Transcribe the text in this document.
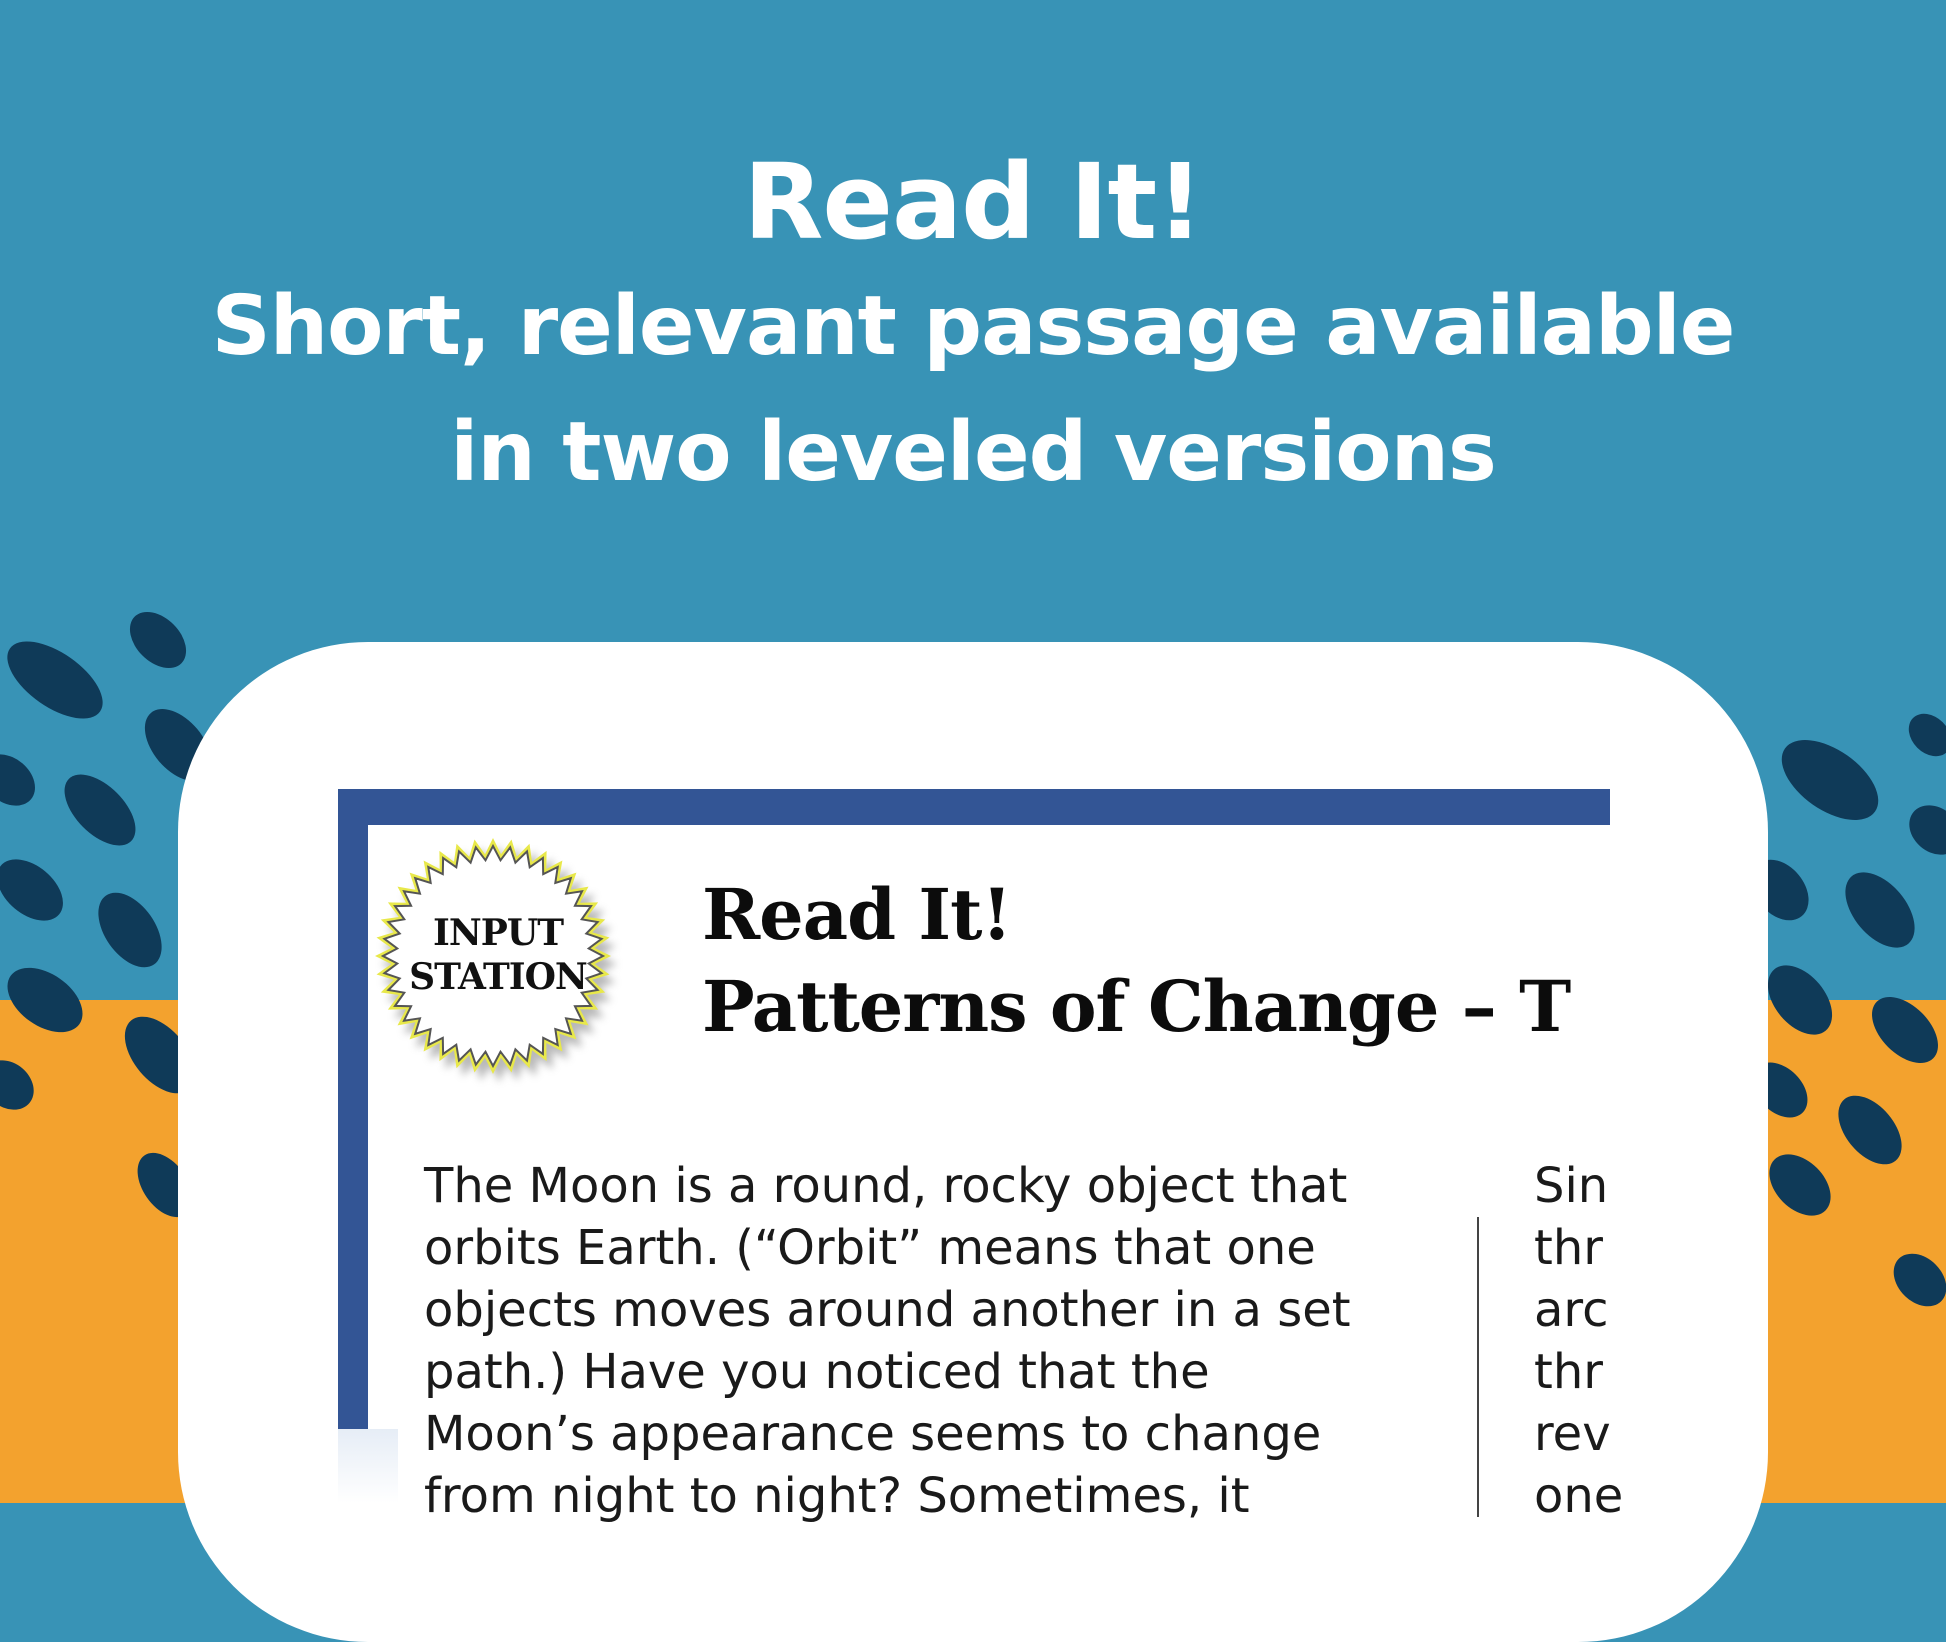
Read It!
Short, relevant passage available
in two leveled versions
INPUT
STATION
Read It!
Patterns of Change – T
The Moon is a round, rocky object that
orbits Earth. (“Orbit” means that one
objects moves around another in a set
path.) Have you noticed that the
Moon’s appearance seems to change
from night to night? Sometimes, it
Sin
thr
arc
thr
rev
one
